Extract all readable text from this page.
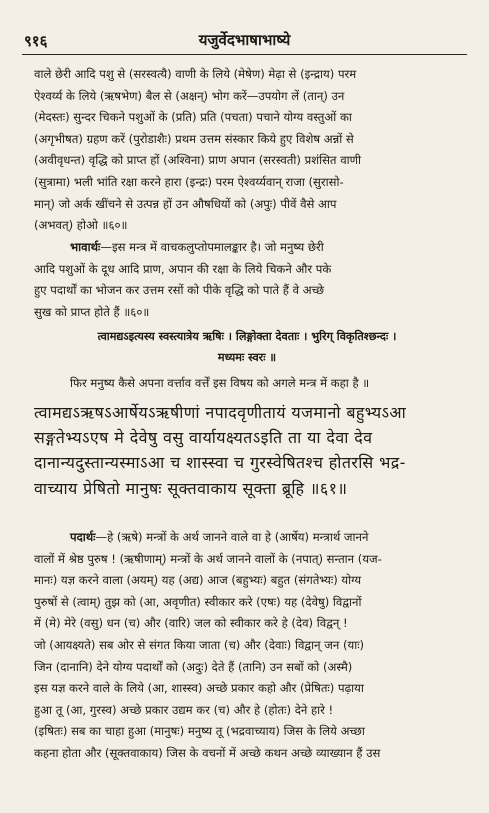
९१६	यजुर्वेदभाषाभाष्ये
वाले छेरी आदि पशु से (सरस्वत्यै) वाणी के लिये (मेषेण) मेढ़ा से (इन्द्राय) परम
ऐश्वर्य्य के लिये (ऋषभेण) बैल से (अक्षन्) भोग करें—उपयोग लें (तान्) उन
(मेदस्तः) सुन्दर चिकने पशुओं के (प्रति) प्रति (पचता) पचाने योग्य वस्तुओं का
(अगृभीषत) ग्रहण करें (पुरोडाशैः) प्रथम उत्तम संस्कार किये हुए विशेष अन्नों से
(अवीवृधन्त) वृद्धि को प्राप्त हों (अश्विना) प्राण अपान (सरस्वती) प्रशंसित वाणी
(सुत्रामा) भली भांति रक्षा करने हारा (इन्द्रः) परम ऐश्वर्य्यवान् राजा (सुरासो-
मान्) जो अर्क खींचने से उत्पन्न हों उन औषधियों को (अपुः) पीवें वैसे आप
(अभवत्) होओ ॥६०॥
भावार्थः—इस मन्त्र में वाचकलुप्तोपमालङ्कार है। जो मनुष्य छेरी
आदि पशुओं के दूध आदि प्राण, अपान की रक्षा के लिये चिकने और पके
हुए पदार्थों का भोजन कर उत्तम रसों को पीके वृद्धि को पाते हैं वे अच्छे
सुख को प्राप्त होते हैं ॥६०॥
त्वामद्यऽइत्यस्य स्वस्त्यात्रेय ऋषिः । लिङ्गोक्ता देवताः । भुरिग् विकृतिश्छन्दः ।
मध्यमः स्वरः ॥
फिर मनुष्य कैसे अपना वर्त्ताव वर्त्तें इस विषय को अगले मन्त्र में कहा है ॥
त्वामद्यऽऋषऽआर्षेयऽऋषीणां नपादवृणीतायं यजमानो बहुभ्यऽआ
सङ्गतेभ्यऽएष मे देवेषु वसु वार्यायक्ष्यतऽइति ता या देवा देव
दानान्यदुस्तान्यस्माऽआ च शास्स्वा च गुरस्वेषितश्च होतरसि भद्र-
वाच्याय प्रेषितो मानुषः सूक्तवाकाय सूक्ता ब्रूहि ॥६१॥
पदार्थः—हे (ऋषे) मन्त्रों के अर्थ जानने वाले वा हे (आर्षेय) मन्त्रार्थ जानने
वालों में श्रेष्ठ पुरुष ! (ऋषीणाम्) मन्त्रों के अर्थ जानने वालों के (नपात्) सन्तान (यज-
मानः) यज्ञ करने वाला (अयम्) यह (अद्य) आज (बहुभ्यः) बहुत (संगतेभ्यः) योग्य
पुरुषों से (त्वाम्) तुझ को (आ, अवृणीत) स्वीकार करे (एषः) यह (देवेषु) विद्वानों
में (मे) मेरे (वसु) धन (च) और (वारि) जल को स्वीकार करे हे (देव) विद्वन् !
जो (आयक्ष्यते) सब ओर से संगत किया जाता (च) और (देवाः) विद्वान् जन (याः)
जिन (दानानि) देने योग्य पदार्थों को (अदुः) देते हैं (तानि) उन सबों को (अस्मै)
इस यज्ञ करने वाले के लिये (आ, शास्स्व) अच्छे प्रकार कहो और (प्रेषितः) पढ़ाया
हुआ तू (आ, गुरस्व) अच्छे प्रकार उद्यम कर (च) और हे (होतः) देने हारे !
(इषितः) सब का चाहा हुआ (मानुषः) मनुष्य तू (भद्रवाच्याय) जिस के लिये अच्छा
कहना होता और (सूक्तवाकाय) जिस के वचनों में अच्छे कथन अच्छे व्याख्यान हैं उस
